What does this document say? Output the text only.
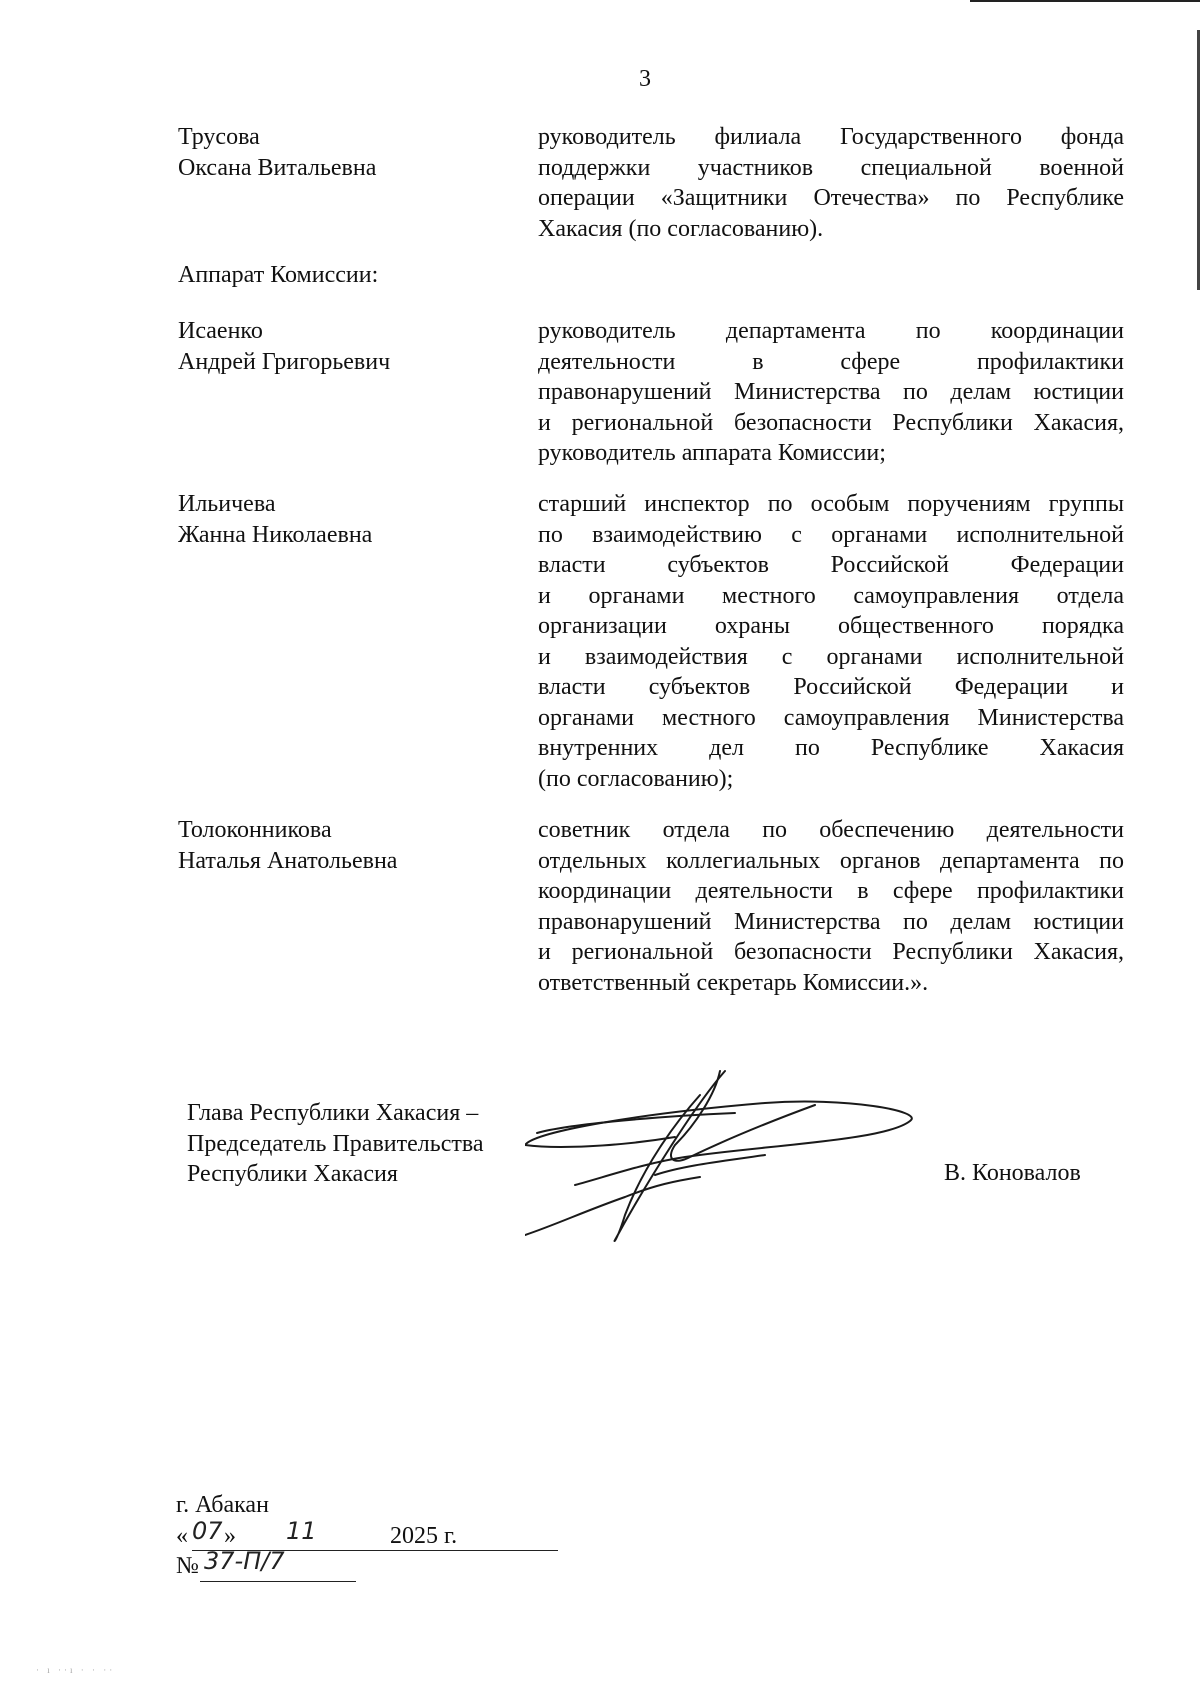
3
Трусова
Оксана Витальевна
руководитель филиала Государственного фонда
поддержки участников специальной военной
операции «Защитники Отечества» по Республике
Хакасия (по согласованию).
Аппарат Комиссии:
Исаенко
Андрей Григорьевич
руководитель департамента по координации
деятельности в сфере профилактики
правонарушений Министерства по делам юстиции
и региональной безопасности Республики Хакасия,
руководитель аппарата Комиссии;
Ильичева
Жанна Николаевна
старший инспектор по особым поручениям группы
по взаимодействию с органами исполнительной
власти субъектов Российской Федерации
и органами местного самоуправления отдела
организации охраны общественного порядка
и взаимодействия с органами исполнительной
власти субъектов Российской Федерации и
органами местного самоуправления Министерства
внутренних дел по Республике Хакасия
(по согласованию);
Толоконникова
Наталья Анатольевна
советник отдела по обеспечению деятельности
отдельных коллегиальных органов департамента по
координации деятельности в сфере профилактики
правонарушений Министерства по делам юстиции
и региональной безопасности Республики Хакасия,
ответственный секретарь Комиссии.».
Глава Республики Хакасия –
Председатель Правительства
Республики Хакасия	В. Коновалов
г. Абакан
« 07 » 11	2025 г.
№ 37-П/7
· ı ··ı · · ··
